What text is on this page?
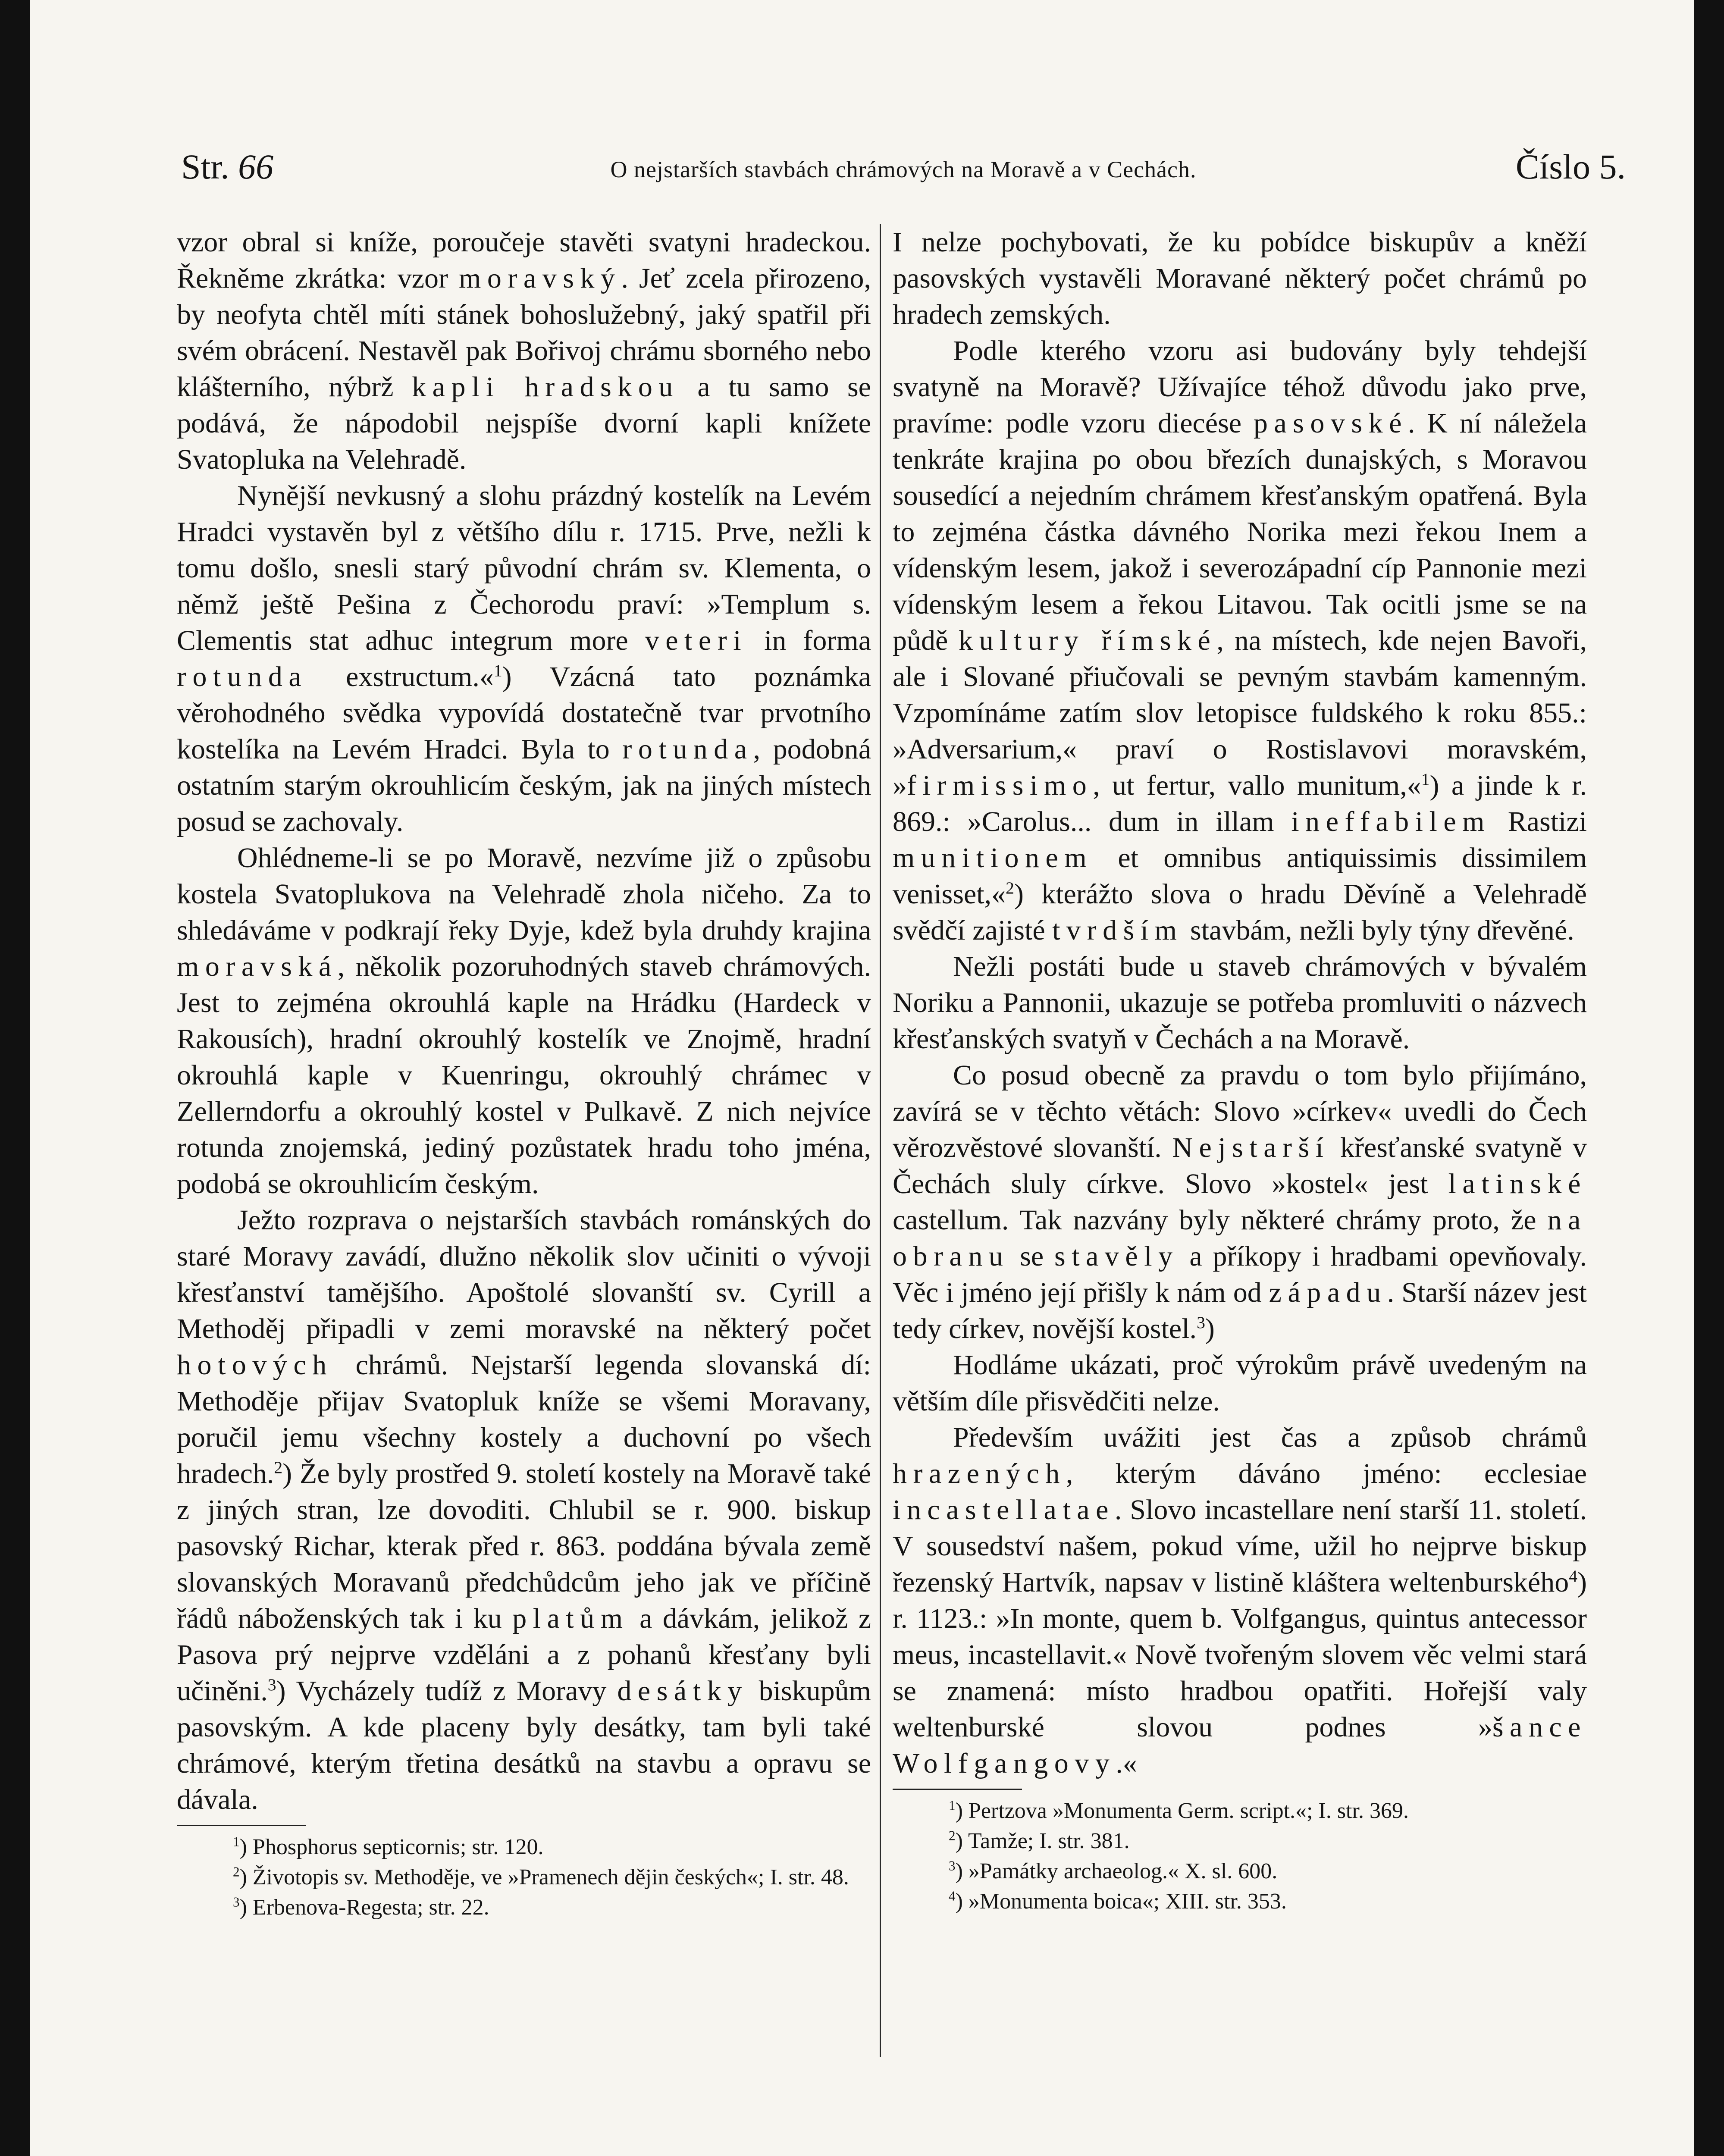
Str. 66	O nejstarších stavbách chrámových na Moravě a v Cechách.	Číslo 5.

vzor obral si kníže, poroučeje stavěti svatyni hradeckou. Řekněme zkrátka: vzor moravský. Jeť zcela přirozeno, by neofyta chtěl míti stánek bohoslužebný, jaký spatřil při svém obrácení. Nestavěl pak Bořivoj chrámu sborného nebo klášterního, nýbrž kapli hradskou a tu samo se podává, že nápodobil nejspíše dvorní kapli knížete Svatopluka na Velehradě.

Nynější nevkusný a slohu prázdný kostelík na Levém Hradci vystavěn byl z většího dílu r. 1715. Prve, nežli k tomu došlo, snesli starý původní chrám sv. Klementa, o němž ještě Pešina z Čechorodu praví: »Templum s. Clementis stat adhuc integrum more veteri in forma rotunda exstructum.«$^1$) Vzácná tato poznámka věrohodného svědka vypovídá dostatečně tvar prvotního kostelíka na Levém Hradci. Byla to rotunda, podobná ostatním starým okrouhlicím českým, jak na jiných místech posud se zachovaly.

Ohlédneme-li se po Moravě, nezvíme již o způsobu kostela Svatoplukova na Velehradě zhola ničeho. Za to shledáváme v podkrají řeky Dyje, kdež byla druhdy krajina moravská, několik pozoruhodných staveb chrámových. Jest to zejména okrouhlá kaple na Hrádku (Hardeck v Rakousích), hradní okrouhlý kostelík ve Znojmě, hradní okrouhlá kaple v Kuenringu, okrouhlý chrámec v Zellerndorfu a okrouhlý kostel v Pulkavě. Z nich nejvíce rotunda znojemská, jediný pozůstatek hradu toho jména, podobá se okrouhlicím českým.

Ježto rozprava o nejstarších stavbách románských do staré Moravy zavádí, dlužno několik slov učiniti o vývoji křesťanství tamějšího. Apoštolé slovanští sv. Cyrill a Methoděj připadli v zemi moravské na některý počet hotových chrámů. Nejstarší legenda slovanská dí: Methoděje přijav Svatopluk kníže se všemi Moravany, poručil jemu všechny kostely a duchovní po všech hradech.$^2$) Že byly prostřed 9. století kostely na Moravě také z jiných stran, lze dovoditi. Chlubil se r. 900. biskup pasovský Richar, kterak před r. 863. poddána bývala země slovanských Moravanů předchůdcům jeho jak ve příčině řádů náboženských tak i ku platům a dávkám, jelikož z Pasova prý nejprve vzděláni a z pohanů křesťany byli učiněni.$^3$) Vycházely tudíž z Moravy desátky biskupům pasovským. A kde placeny byly desátky, tam byli také chrámové, kterým třetina desátků na stavbu a opravu se dávala.

$^1$) Phosphorus septicornis; str. 120.

$^2$) Životopis sv. Methoděje, ve »Pramenech dějin českých«; I. str. 48.

$^3$) Erbenova-Regesta; str. 22.

I nelze pochybovati, že ku pobídce biskupův a kněží pasovských vystavěli Moravané některý počet chrámů po hradech zemských.

Podle kterého vzoru asi budovány byly tehdejší svatyně na Moravě? Užívajíce téhož důvodu jako prve, pravíme: podle vzoru diecése pasovské. K ní náležela tenkráte krajina po obou březích dunajských, s Moravou sousedící a nejedním chrámem křesťanským opatřená. Byla to zejména částka dávného Norika mezi řekou Inem a vídenským lesem, jakož i severozápadní cíp Pannonie mezi vídenským lesem a řekou Litavou. Tak ocitli jsme se na půdě kultury římské, na místech, kde nejen Bavoři, ale i Slované přiučovali se pevným stavbám kamenným. Vzpomínáme zatím slov letopisce fuldského k roku 855.: »Adversarium,« praví o Rostislavovi moravském, »firmissimo, ut fertur, vallo munitum,«$^1$) a jinde k r. 869.: »Carolus... dum in illam ineffabilem Rastizi munitionem et omnibus antiquissimis dissimilem venisset,«$^2$) kterážto slova o hradu Děvíně a Velehradě svědčí zajisté tvrdším stavbám, nežli byly týny dřevěné.

Nežli postáti bude u staveb chrámových v bývalém Noriku a Pannonii, ukazuje se potřeba promluviti o názvech křesťanských svatyň v Čechách a na Moravě.

Co posud obecně za pravdu o tom bylo přijímáno, zavírá se v těchto větách: Slovo »církev« uvedli do Čech věrozvěstové slovanští. Nejstarší křesťanské svatyně v Čechách sluly církve. Slovo »kostel« jest latinské castellum. Tak nazvány byly některé chrámy proto, že na obranu se stavěly a příkopy i hradbami opevňovaly. Věc i jméno její přišly k nám od západu. Starší název jest tedy církev, novější kostel.$^3$)

Hodláme ukázati, proč výrokům právě uvedeným na větším díle přisvědčiti nelze.

Především uvážiti jest čas a způsob chrámů hrazených, kterým dáváno jméno: ecclesiae incastellatae. Slovo incastellare není starší 11. století. V sousedství našem, pokud víme, užil ho nejprve biskup řezenský Hartvík, napsav v listině kláštera weltenburského$^4$) r. 1123.: »In monte, quem b. Volfgangus, quintus antecessor meus, incastellavit.« Nově tvořeným slovem věc velmi stará se znamená: místo hradbou opatřiti. Hořejší valy weltenburské slovou podnes »šance Wolfgangovy.«

$^1$) Pertzova »Monumenta Germ. script.«; I. str. 369.

$^2$) Tamže; I. str. 381.

$^3$) »Památky archaeolog.« X. sl. 600.

$^4$) »Monumenta boica«; XIII. str. 353.
